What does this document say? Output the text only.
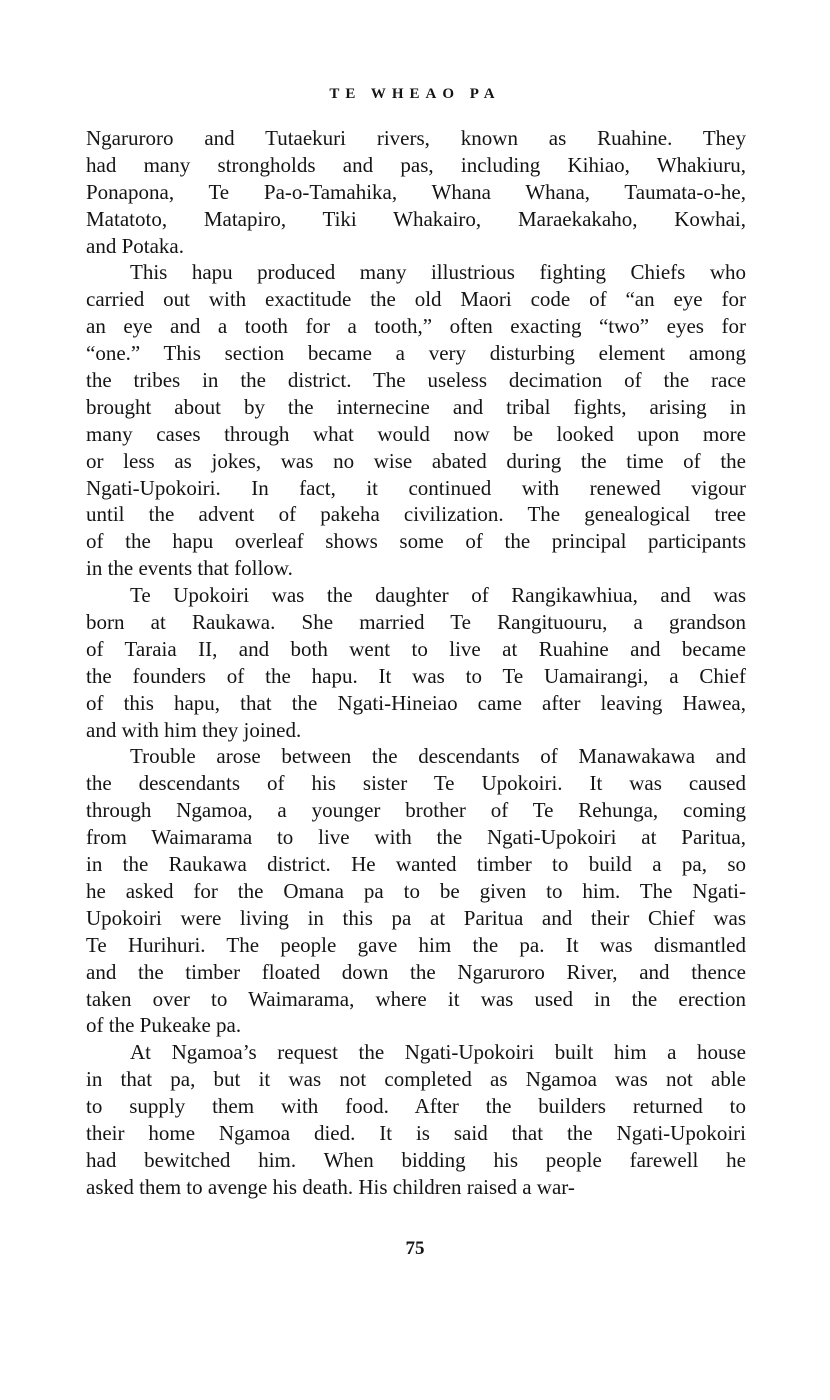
TE WHEAO PA
Ngaruroro and Tutaekuri rivers, known as Ruahine. They
had many strongholds and pas, including Kihiao, Whakiuru,
Ponapona, Te Pa-o-Tamahika, Whana Whana, Taumata-o-he,
Matatoto, Matapiro, Tiki Whakairo, Maraekakaho, Kowhai,
and Potaka.
This hapu produced many illustrious fighting Chiefs who
carried out with exactitude the old Maori code of “an eye for
an eye and a tooth for a tooth,” often exacting “two” eyes for
“one.” This section became a very disturbing element among
the tribes in the district. The useless decimation of the race
brought about by the internecine and tribal fights, arising in
many cases through what would now be looked upon more
or less as jokes, was no wise abated during the time of the
Ngati-Upokoiri. In fact, it continued with renewed vigour
until the advent of pakeha civilization. The genealogical tree
of the hapu overleaf shows some of the principal participants
in the events that follow.
Te Upokoiri was the daughter of Rangikawhiua, and was
born at Raukawa. She married Te Rangituouru, a grandson
of Taraia II, and both went to live at Ruahine and became
the founders of the hapu. It was to Te Uamairangi, a Chief
of this hapu, that the Ngati-Hineiao came after leaving Hawea,
and with him they joined.
Trouble arose between the descendants of Manawakawa and
the descendants of his sister Te Upokoiri. It was caused
through Ngamoa, a younger brother of Te Rehunga, coming
from Waimarama to live with the Ngati-Upokoiri at Paritua,
in the Raukawa district. He wanted timber to build a pa, so
he asked for the Omana pa to be given to him. The Ngati-
Upokoiri were living in this pa at Paritua and their Chief was
Te Hurihuri. The people gave him the pa. It was dismantled
and the timber floated down the Ngaruroro River, and thence
taken over to Waimarama, where it was used in the erection
of the Pukeake pa.
At Ngamoa’s request the Ngati-Upokoiri built him a house
in that pa, but it was not completed as Ngamoa was not able
to supply them with food. After the builders returned to
their home Ngamoa died. It is said that the Ngati-Upokoiri
had bewitched him. When bidding his people farewell he
asked them to avenge his death. His children raised a war-
75
